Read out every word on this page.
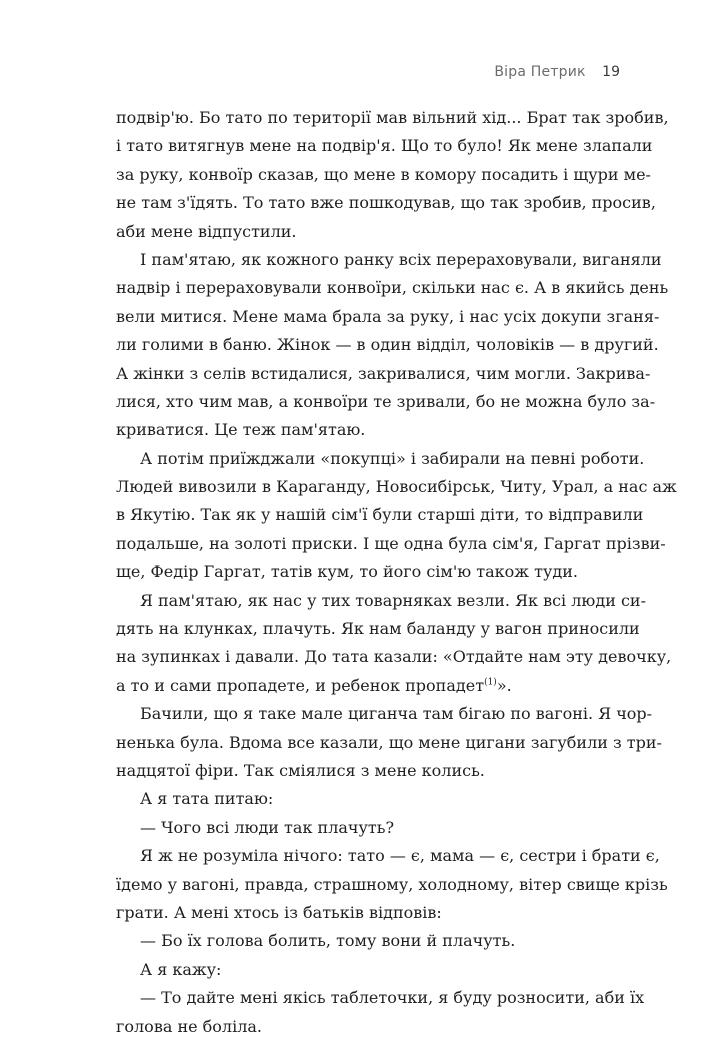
Віра Петрик 19
подвір'ю. Бо тато по території мав вільний хід... Брат так зробив,
і тато витягнув мене на подвір'я. Що то було! Як мене злапали
за руку, конвоїр сказав, що мене в комору посадить і щури ме-
не там з'їдять. То тато вже пошкодував, що так зробив, просив,
аби мене відпустили.
І пам'ятаю, як кожного ранку всіх перераховували, виганяли
надвір і перераховували конвоїри, скільки нас є. А в якийсь день
вели митися. Мене мама брала за руку, і нас усіх докупи зганя-
ли голими в баню. Жінок — в один відділ, чоловіків — в другий.
А жінки з селів встидалися, закривалися, чим могли. Закрива-
лися, хто чим мав, а конвоїри те зривали, бо не можна було за-
криватися. Це теж пам'ятаю.
А потім приїжджали «покупці» і забирали на певні роботи.
Людей вивозили в Караганду, Новосибірськ, Читу, Урал, а нас аж
в Якутію. Так як у нашій сім'ї були старші діти, то відправили
подальше, на золоті приски. І ще одна була сім'я, Гаргат прізви-
ще, Федір Гаргат, татів кум, то його сім'ю також туди.
Я пам'ятаю, як нас у тих товарняках везли. Як всі люди си-
дять на клунках, плачуть. Як нам баланду у вагон приносили
на зупинках і давали. До тата казали: «Отдайте нам эту девочку,
а то и сами пропадете, и ребенок пропадет$^{(1)}$».
Бачили, що я таке мале циганча там бігаю по вагоні. Я чор-
ненька була. Вдома все казали, що мене цигани загубили з три-
надцятої фіри. Так сміялися з мене колись.
А я тата питаю:
— Чого всі люди так плачуть?
Я ж не розуміла нічого: тато — є, мама — є, сестри і брати є,
їдемо у вагоні, правда, страшному, холодному, вітер свище крізь
грати. А мені хтось із батьків відповів:
— Бо їх голова болить, тому вони й плачуть.
А я кажу:
— То дайте мені якісь таблеточки, я буду розносити, аби їх
голова не боліла.
